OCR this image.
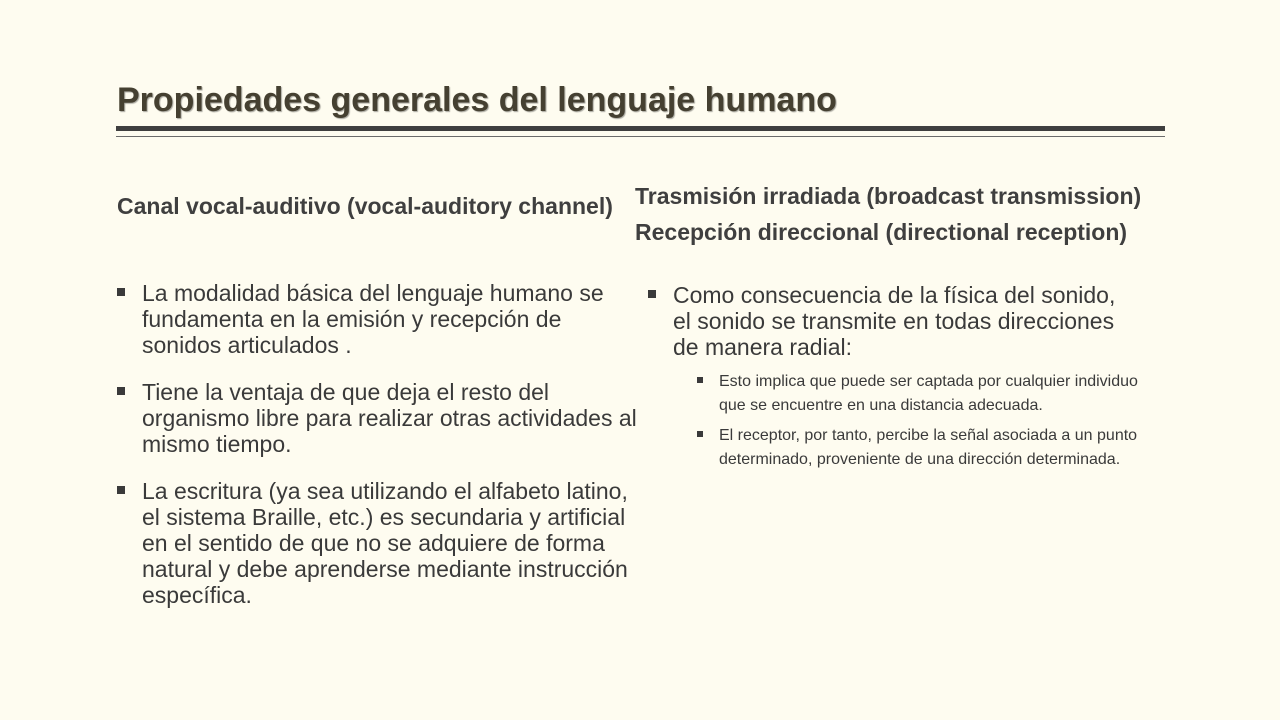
Propiedades generales del lenguaje humano
Canal vocal-auditivo (vocal-auditory channel)
La modalidad básica del lenguaje humano se fundamenta en la emisión y recepción de sonidos articulados .
Tiene la ventaja de que deja el resto del organismo libre para realizar otras actividades al mismo tiempo.
La escritura (ya sea utilizando el alfabeto latino, el sistema Braille, etc.) es secundaria y artificial en el sentido de que no se adquiere de forma natural y debe aprenderse mediante instrucción específica.
Trasmisión irradiada (broadcast transmission)
Recepción direccional (directional reception)
Como consecuencia de la física del sonido, el sonido se transmite en todas direcciones de manera radial:
Esto implica que puede ser captada por cualquier individuo que se encuentre en una distancia adecuada.
El receptor, por tanto, percibe la señal asociada a un punto determinado, proveniente de una dirección determinada.
